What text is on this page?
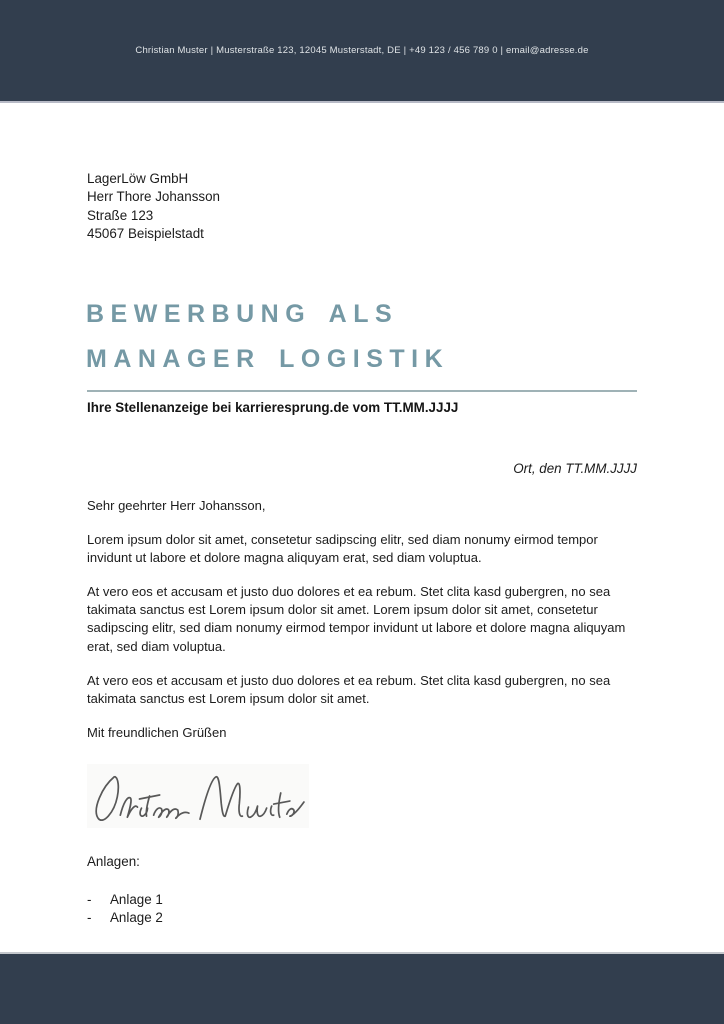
Christian Muster | Musterstraße 123, 12045 Musterstadt, DE | +49 123 / 456 789 0 | email@adresse.de
LagerLöw GmbH
Herr Thore Johansson
Straße 123
45067 Beispielstadt
BEWERBUNG ALS
MANAGER LOGISTIK
Ihre Stellenanzeige bei karrieresprung.de vom TT.MM.JJJJ
Ort, den TT.MM.JJJJ

Sehr geehrter Herr Johansson,

Lorem ipsum dolor sit amet, consetetur sadipscing elitr, sed diam nonumy eirmod tempor invidunt ut labore et dolore magna aliquyam erat, sed diam voluptua.

At vero eos et accusam et justo duo dolores et ea rebum. Stet clita kasd gubergren, no sea takimata sanctus est Lorem ipsum dolor sit amet. Lorem ipsum dolor sit amet, consetetur sadipscing elitr, sed diam nonumy eirmod tempor invidunt ut labore et dolore magna aliquyam erat, sed diam voluptua.

At vero eos et accusam et justo duo dolores et ea rebum. Stet clita kasd gubergren, no sea takimata sanctus est Lorem ipsum dolor sit amet.

Mit freundlichen Grüßen

Anlagen:
-	Anlage 1
-	Anlage 2
